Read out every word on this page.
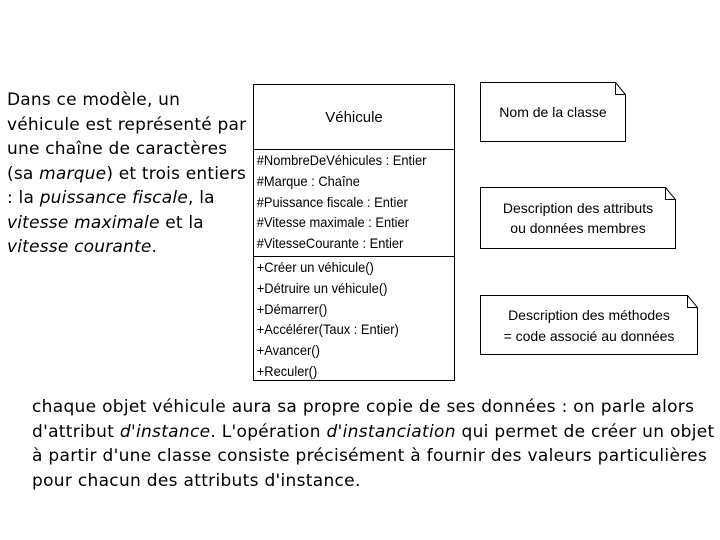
Dans ce modèle, un véhicule est représenté par une chaîne de caractères (sa marque) et trois entiers : la puissance fiscale, la vitesse maximale et la vitesse courante.
Véhicule
#NombreDeVéhicules : Entier
#Marque : Chaîne
#Puissance fiscale : Entier
#Vitesse maximale : Entier
#VitesseCourante : Entier
+Créer un véhicule()
+Détruire un véhicule()
+Démarrer()
+Accélérer(Taux : Entier)
+Avancer()
+Reculer()
Nom de la classe
Description des attributs
ou données membres
Description des méthodes
= code associé au données
chaque objet véhicule aura sa propre copie de ses données : on parle alors d'attribut d'instance. L'opération d'instanciation qui permet de créer un objet à partir d'une classe consiste précisément à fournir des valeurs particulières pour chacun des attributs d'instance.
